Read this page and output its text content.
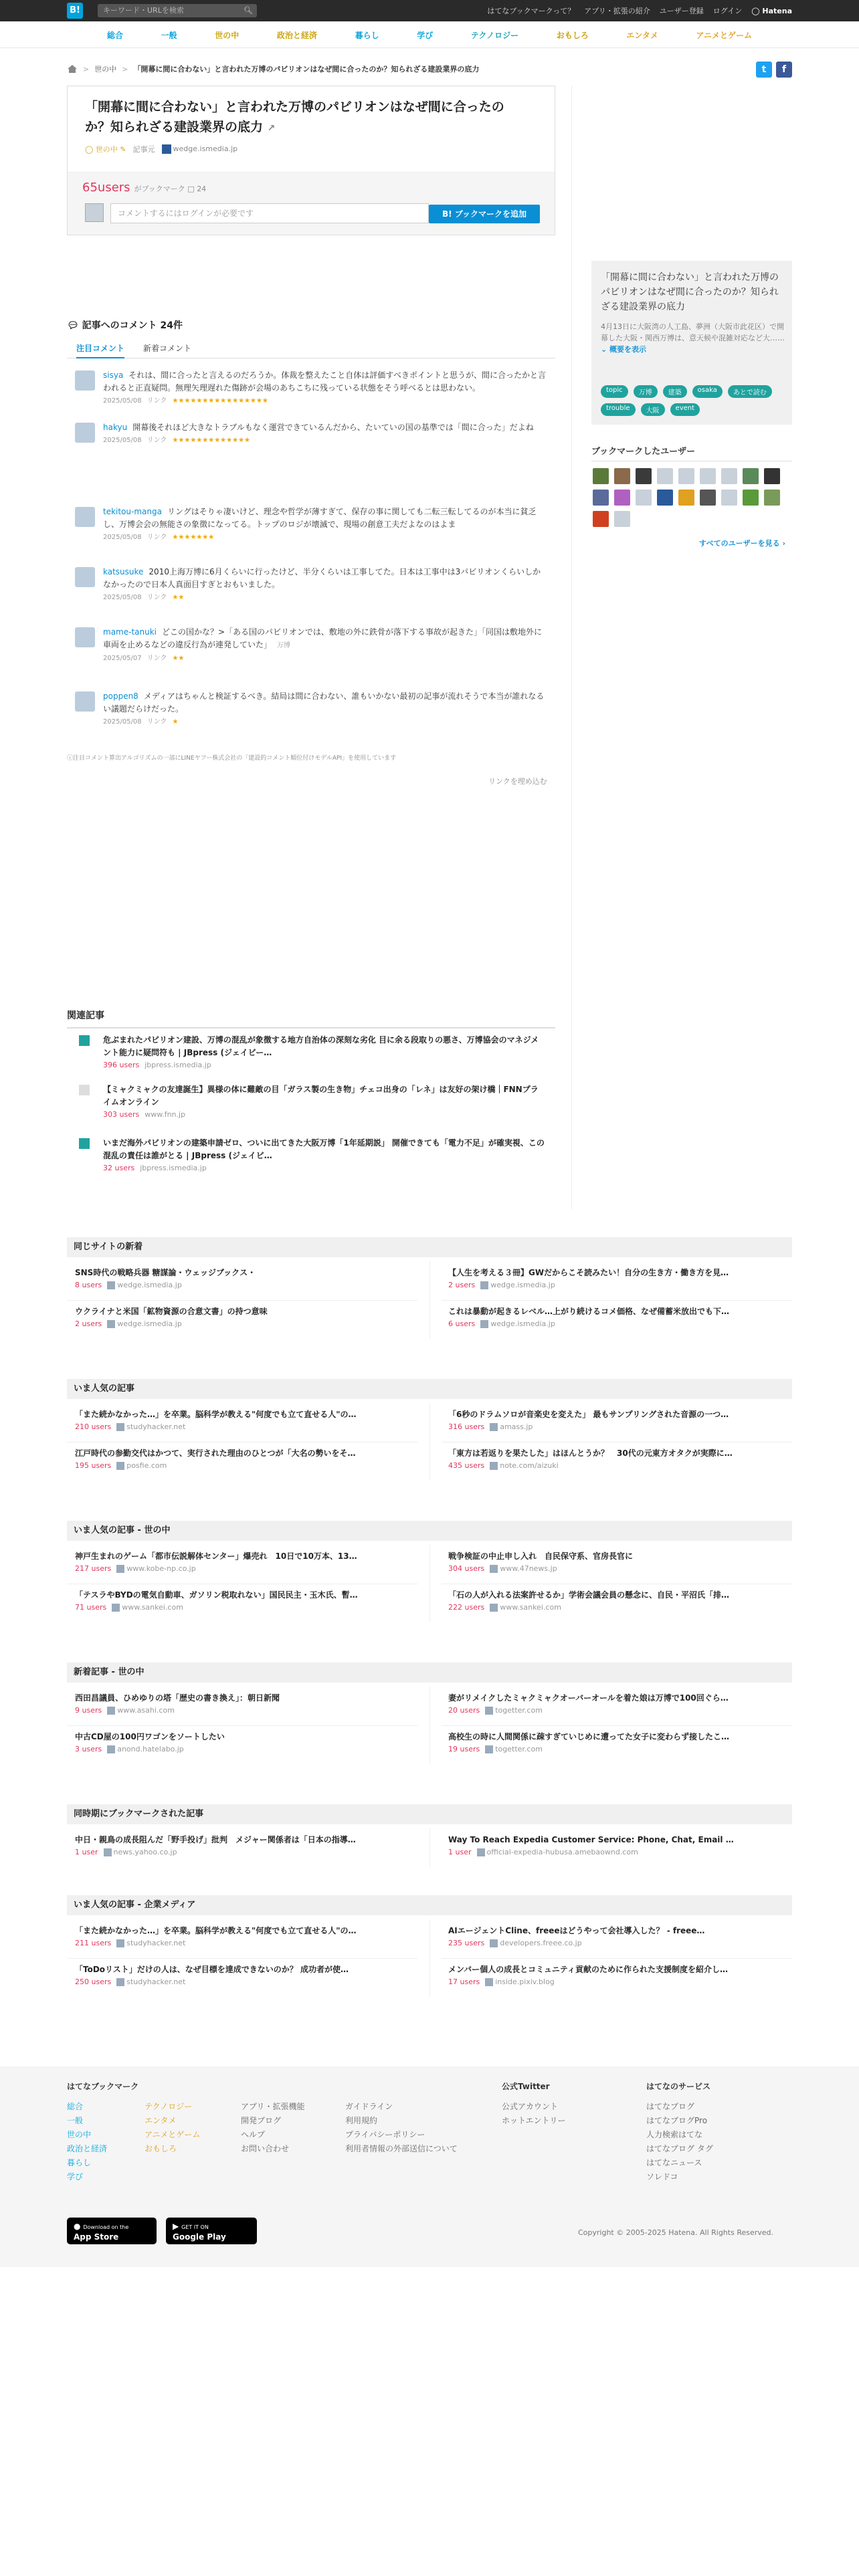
B!	キーワード・URLを検索	🔍︎	はてなブックマークって？ アプリ・拡張の紹介 ユーザー登録 ログイン ◯ Hatena
総合	一般	世の中	政治と経済	暮らし	学び	テクノロジー	おもしろ	エンタメ	アニメとゲーム
> 世の中 > 「開幕に間に合わない」と言われた万博のパビリオンはなぜ間に合ったのか？知られざる建設業界の底力	t	f
「開幕に間に合わない」と言われた万博のパビリオンはなぜ間に合ったのか？知られざる建設業界の底力 ↗
◯ 世の中 ✎ 記事元	wedge.ismedia.jp
65users がブックマーク □ 24
コメントするにはログインが必要です	B! ブックマークを追加
「開幕に間に合わない」と言われた万博のパビリオンはなぜ間に合ったのか？知られざる建設業界の底力

4月13日に大阪湾の人工島、夢洲（大阪市此花区）で開幕した大阪・関西万博は、意天候や混雑対応など大…… ⌄ 概要を表示

topic	万博	建築	osaka	あとで読む
trouble	大阪	event
ブックマークしたユーザー
すべてのユーザーを見る ›
💬︎ 記事へのコメント 24件
注目コメント 新着コメント
sisya それは、間に合ったと言えるのだろうか。体裁を整えたこと自体は評価すべきポイントと思うが、間に合ったかと言われると正直疑問。無理矢理遅れた傷跡が会場のあちこちに残っている状態をそう呼べるとは思わない。
2025/05/08 リンク ★★★★★★★★★★★★★★★★
hakyu 開幕後それほど大きなトラブルもなく運営できているんだから、たいていの国の基準では「間に合った」だよね
2025/05/08 リンク ★★★★★★★★★★★★★
tekitou-manga リングはそりゃ凄いけど、理念や哲学が薄すぎて、保存の事に関しても二転三転してるのが本当に貧乏し、万博会会の無能さの象徴になってる。トップのロジが壊滅で、現場の創意工夫だよなのはよま
2025/05/08 リンク ★★★★★★★
katsusuke 2010上海万博に6月くらいに行ったけど、半分くらいは工事してた。日本は工事中は3パビリオンくらいしかなかったので日本人真面目すぎとおもいました。
2025/05/08 リンク ★★
mame-tanuki どこの国かな？>「ある国のパビリオンでは、敷地の外に鉄骨が落下する事故が起きた」「同国は敷地外に車両を止めるなどの違反行為が連発していた」 万博
2025/05/07 リンク ★★
poppen8 メディアはちゃんと検証するべき。結局は間に合わない、誰もいかない最初の記事が流れそうで本当が誰れなるい議題だらけだった。
2025/05/08 リンク ★
ⓘ注目コメント算出アルゴリズムの一部にLINEヤフー株式会社の「建設的コメント順位付けモデルAPI」を使用しています
リンクを埋め込む
関連記事
危ぶまれたパビリオン建設、万博の混乱が象徴する地方自治体の深刻な劣化 目に余る段取りの悪さ、万博協会のマネジメント能力に疑問符も | JBpress (ジェイビー…
396 users jbpress.ismedia.jp
【ミャクミャクの友達誕生】異様の体に難敵の目「ガラス製の生き物」チェコ出身の「レネ」は友好の架け橋｜FNNプライムオンライン
303 users www.fnn.jp
いまだ海外パビリオンの建築申請ゼロ、ついに出てきた大阪万博「1年延期説」 開催できても「電力不足」が確実視、この混乱の責任は誰がとる | JBpress (ジェイビ…
32 users jbpress.ismedia.jp
同じサイトの新着
SNS時代の戦略兵器 糖謀論・ウェッジブックス・
8 users wedge.ismedia.jp
【人生を考える３冊】GWだからこそ読みたい！自分の生き方・働き方を見…
2 users wedge.ismedia.jp
ウクライナと米国「鉱物資源の合意文書」の持つ意味
2 users wedge.ismedia.jp
これは暴動が起きるレベル…上がり続けるコメ価格、なぜ備蓄米放出でも下…
6 users wedge.ismedia.jp
いま人気の記事
「また続かなかった…」を卒業。脳科学が教える"何度でも立て直せる人"の…
210 users studyhacker.net
「6秒のドラムソロが音楽史を変えた」 最もサンプリングされた音源の一つ…
316 users amass.jp
江戸時代の参勤交代はかつて、実行された理由のひとつが「大名の勢いをそ…
195 users posfie.com
「東方は若返りを果たした」はほんとうか？　30代の元東方オタクが実際に…
435 users note.com/aizuki
いま人気の記事 - 世の中
神戸生まれのゲーム「都市伝説解体センター」爆売れ　10日で10万本、13…
217 users www.kobe-np.co.jp
戦争検証の中止申し入れ　自民保守系、官房長官に
304 users www.47news.jp
「テスラやBYDの電気自動車、ガソリン税取れない」国民民主・玉木氏、暫…
71 users www.sankei.com
「石の人が入れる法案許せるか」学術会議会員の懸念に、自民・平沼氏「排…
222 users www.sankei.com
新着記事 - 世の中
西田昌議員、ひめゆりの塔「歴史の書き換え」：朝日新聞
9 users www.asahi.com
妻がリメイクしたミャクミャクオーバーオールを着た娘は万博で100回ぐら…
20 users togetter.com
中古CD屋の100円ワゴンをソートしたい
3 users anond.hatelabo.jp
高校生の時に人間関係に疎すぎていじめに遭ってた女子に変わらず接したこ…
19 users togetter.com
同時期にブックマークされた記事
中日・親鳥の成長阻んだ「野手投げ」批判　メジャー関係者は「日本の指導…
1 user news.yahoo.co.jp
Way To Reach Expedia Customer Service: Phone, Chat, Email …
1 user official-expedia-hubusa.amebaownd.com
いま人気の記事 - 企業メディア
「また続かなかった…」を卒業。脳科学が教える"何度でも立て直せる人"の…
211 users studyhacker.net
AIエージェントCline、freeeはどうやって会社導入した？ - freee…
235 users developers.freee.co.jp
「ToDoリスト」だけの人は、なぜ目標を達成できないのか？ 成功者が使…
250 users studyhacker.net
メンバー個人の成長とコミュニティ貢献のために作られた支援制度を紹介し…
17 users inside.pixiv.blog
はてなブックマーク
総合
一般
世の中
政治と経済
暮らし
学び
テクノロジー
エンタメ
アニメとゲーム
おもしろ
アプリ・拡張機能
開発ブログ
ヘルプ
お問い合わせ
ガイドライン
利用規約
プライバシーポリシー
利用者情報の外部送信について
公式Twitter
公式アカウント
ホットエントリー
はてなのサービス
はてなブログ
はてなブログPro
人力検索はてな
はてなブログ タグ
はてなニュース
ソレドコ
● Download on the
App Store
▶ GET IT ON
Google Play	Copyright © 2005-2025 Hatena. All Rights Reserved.
